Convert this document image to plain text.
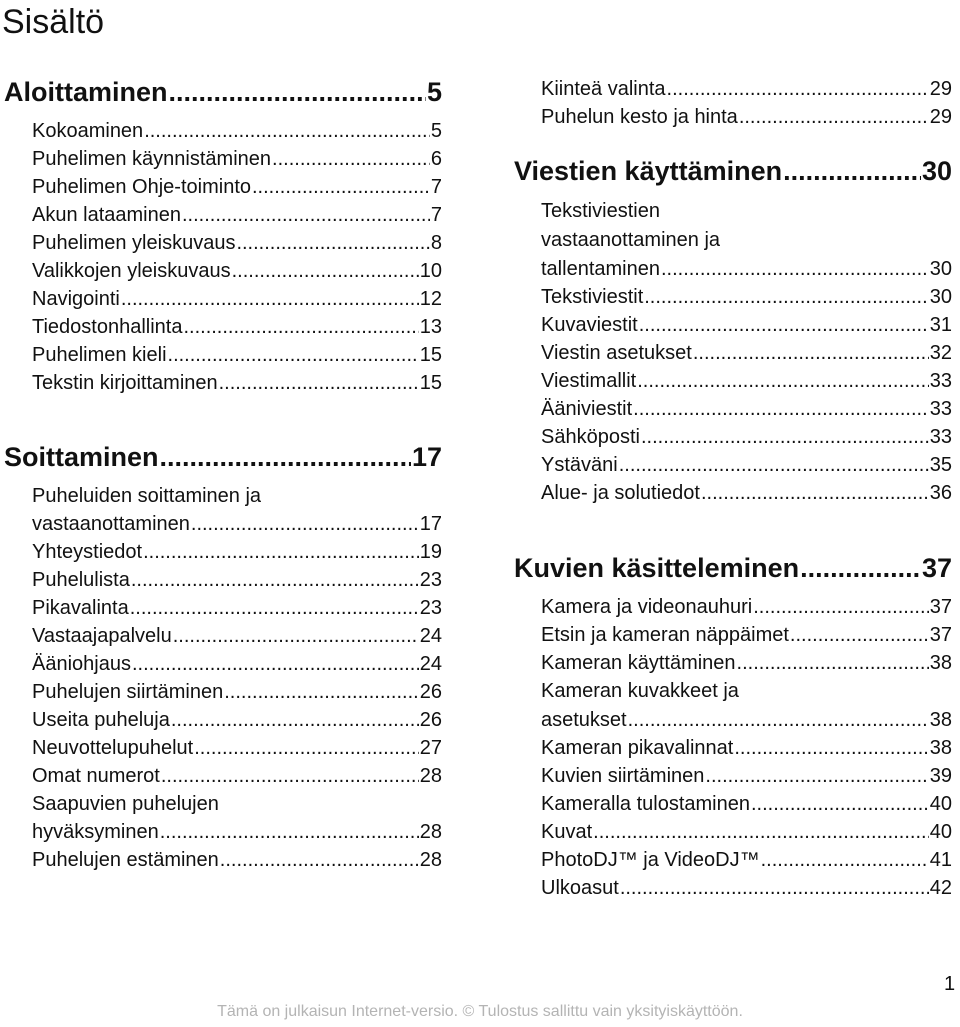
Sisältö
Aloittaminen .....	5
Kokoaminen .....	5
Puhelimen käynnistäminen .....	6
Puhelimen Ohje-toiminto .....	7
Akun lataaminen .....	7
Puhelimen yleiskuvaus .....	8
Valikkojen yleiskuvaus .....	10
Navigointi .....	12
Tiedostonhallinta .....	13
Puhelimen kieli .....	15
Tekstin kirjoittaminen .....	15
Soittaminen .....	17
Puheluiden soittaminen ja
vastaanottaminen .....	17
Yhteystiedot .....	19
Puhelulista .....	23
Pikavalinta .....	23
Vastaajapalvelu .....	24
Ääniohjaus .....	24
Puhelujen siirtäminen .....	26
Useita puheluja .....	26
Neuvottelupuhelut .....	27
Omat numerot .....	28
Saapuvien puhelujen
hyväksyminen .....	28
Puhelujen estäminen .....	28
Kiinteä valinta .....	29
Puhelun kesto ja hinta .....	29
Viestien käyttäminen .....	30
Tekstiviestien
vastaanottaminen ja
tallentaminen .....	30
Tekstiviestit .....	30
Kuvaviestit .....	31
Viestin asetukset .....	32
Viestimallit .....	33
Ääniviestit .....	33
Sähköposti .....	33
Ystäväni .....	35
Alue- ja solutiedot .....	36
Kuvien käsitteleminen .....	37
Kamera ja videonauhuri .....	37
Etsin ja kameran näppäimet .....	37
Kameran käyttäminen .....	38
Kameran kuvakkeet ja
asetukset .....	38
Kameran pikavalinnat .....	38
Kuvien siirtäminen .....	39
Kameralla tulostaminen .....	40
Kuvat .....	40
PhotoDJ™ ja VideoDJ™ .....	41
Ulkoasut .....	42
1
Tämä on julkaisun Internet-versio. © Tulostus sallittu vain yksityiskäyttöön.
